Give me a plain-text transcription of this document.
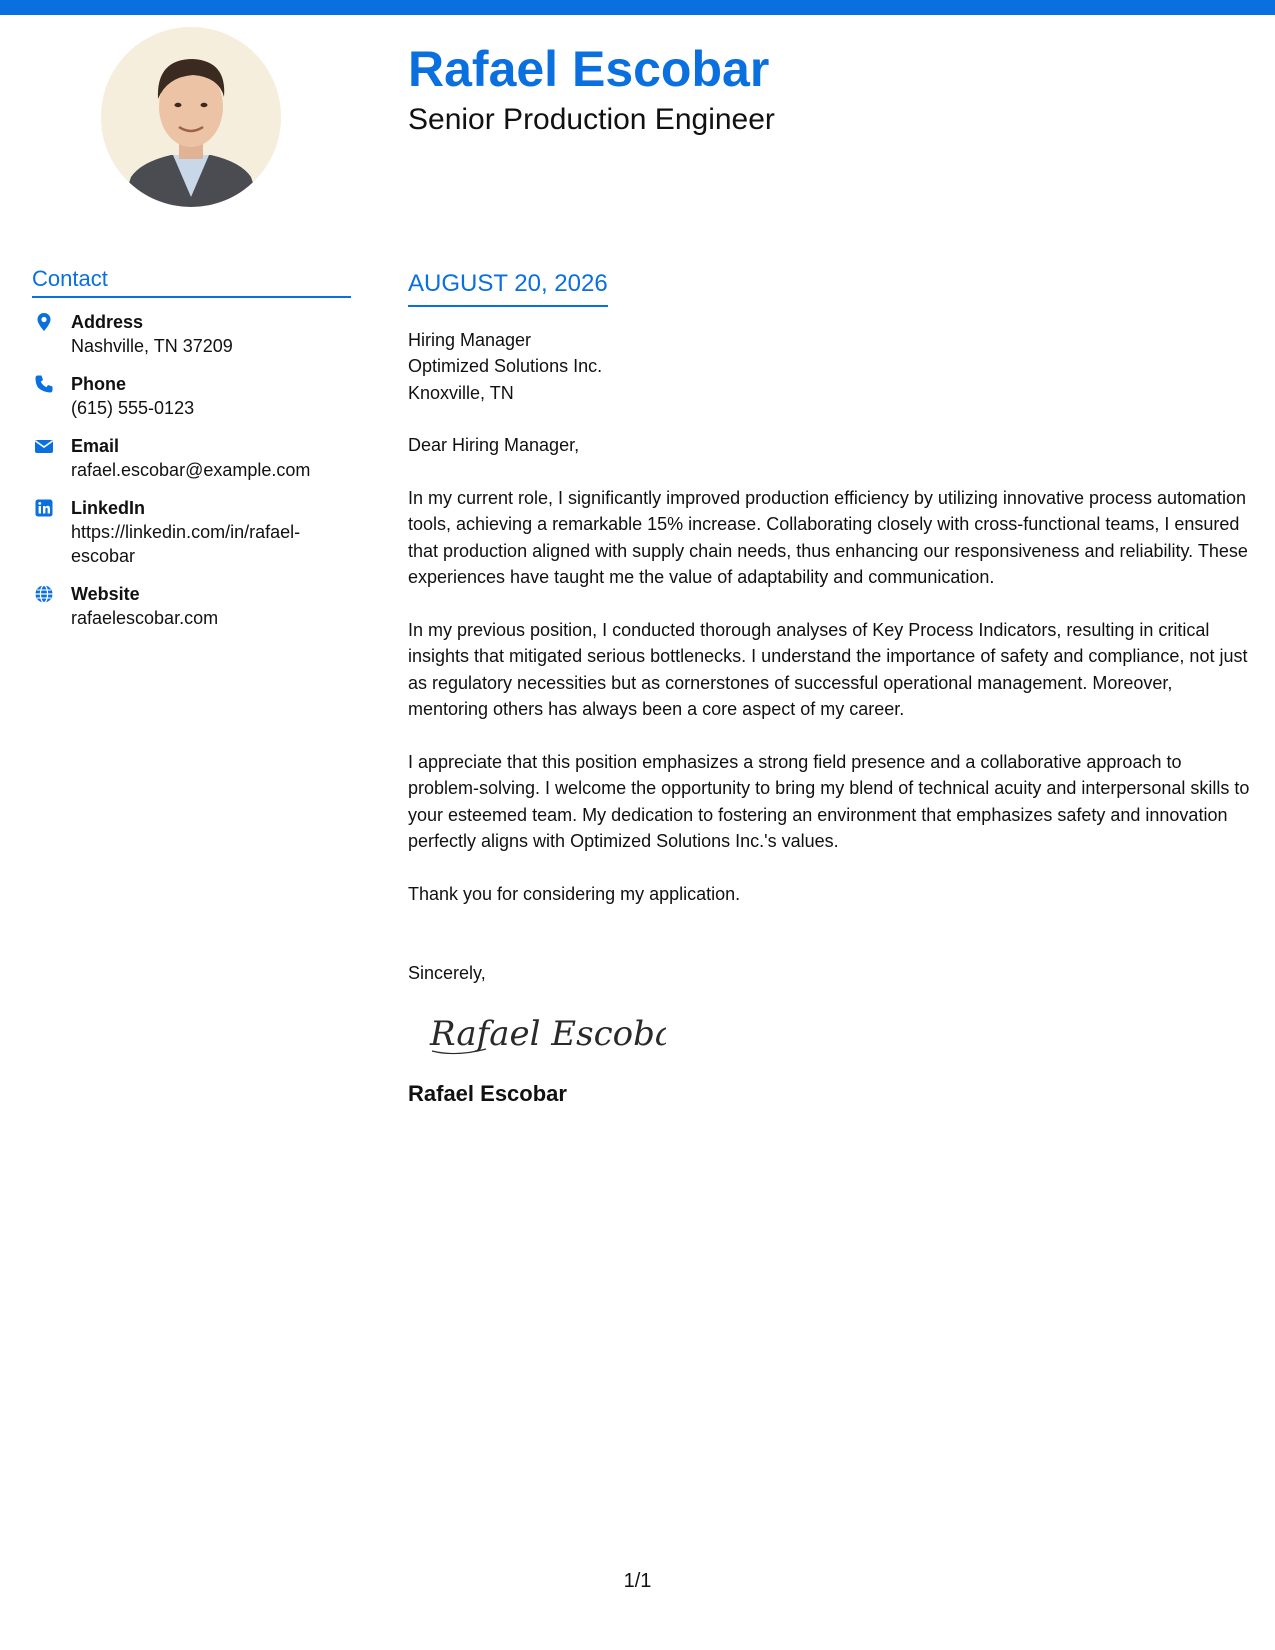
Rafael Escobar
Senior Production Engineer
Contact
Address
Nashville, TN 37209
Phone
(615) 555-0123
Email
rafael.escobar@example.com
LinkedIn
https://linkedin.com/in/rafael-escobar
Website
rafaelescobar.com
AUGUST 20, 2026
Hiring Manager
Optimized Solutions Inc.
Knoxville, TN
Dear Hiring Manager,

In my current role, I significantly improved production efficiency by utilizing innovative process automation tools, achieving a remarkable 15% increase. Collaborating closely with cross-functional teams, I ensured that production aligned with supply chain needs, thus enhancing our responsiveness and reliability. These experiences have taught me the value of adaptability and communication.

In my previous position, I conducted thorough analyses of Key Process Indicators, resulting in critical insights that mitigated serious bottlenecks. I understand the importance of safety and compliance, not just as regulatory necessities but as cornerstones of successful operational management. Moreover, mentoring others has always been a core aspect of my career.

I appreciate that this position emphasizes a strong field presence and a collaborative approach to problem-solving. I welcome the opportunity to bring my blend of technical acuity and interpersonal skills to your esteemed team. My dedication to fostering an environment that emphasizes safety and innovation perfectly aligns with Optimized Solutions Inc.'s values.

Thank you for considering my application.

Sincerely,
Rafael Escobar
Rafael Escobar
1/1
